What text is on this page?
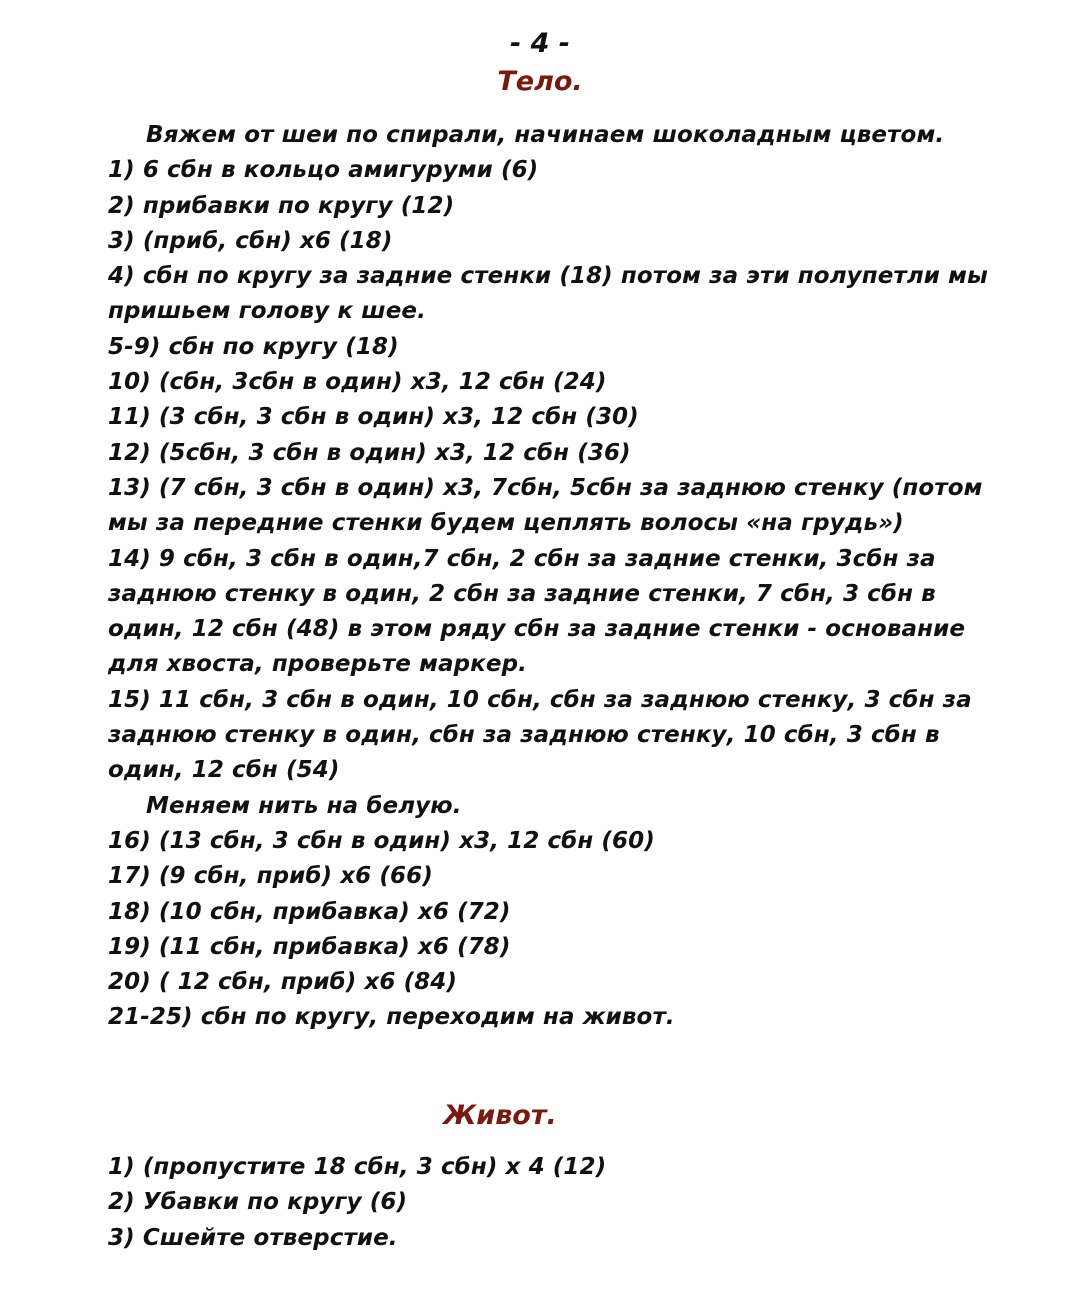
- 4 -
Тело.
Вяжем от шеи по спирали, начинаем шоколадным цветом.
1) 6 сбн в кольцо амигуруми (6)
2) прибавки по кругу (12)
3) (приб, сбн) х6 (18)
4) сбн по кругу за задние стенки (18) потом за эти полупетли мы
пришьем голову к шее.
5-9) сбн по кругу (18)
10) (сбн, 3сбн в один) х3, 12 сбн (24)
11) (3 сбн, 3 сбн в один) х3, 12 сбн (30)
12) (5сбн, 3 сбн в один) х3, 12 сбн (36)
13) (7 сбн, 3 сбн в один) х3, 7сбн, 5сбн за заднюю стенку (потом
мы за передние стенки будем цеплять волосы «на грудь»)
14) 9 сбн, 3 сбн в один,7 сбн, 2 сбн за задние стенки, 3сбн за
заднюю стенку в один, 2 сбн за задние стенки, 7 сбн, 3 сбн в
один, 12 сбн (48) в этом ряду сбн за задние стенки - основание
для хвоста, проверьте маркер.
15) 11 сбн, 3 сбн в один, 10 сбн, сбн за заднюю стенку, 3 сбн за
заднюю стенку в один, сбн за заднюю стенку, 10 сбн, 3 сбн в
один, 12 сбн (54)
Меняем нить на белую.
16) (13 сбн, 3 сбн в один) х3, 12 сбн (60)
17) (9 сбн, приб) х6 (66)
18) (10 сбн, прибавка) х6 (72)
19) (11 сбн, прибавка) х6 (78)
20) ( 12 сбн, приб) х6 (84)
21-25) сбн по кругу, переходим на живот.
Живот.
1) (пропустите 18 сбн, 3 сбн) х 4 (12)
2) Убавки по кругу (6)
3) Сшейте отверстие.
